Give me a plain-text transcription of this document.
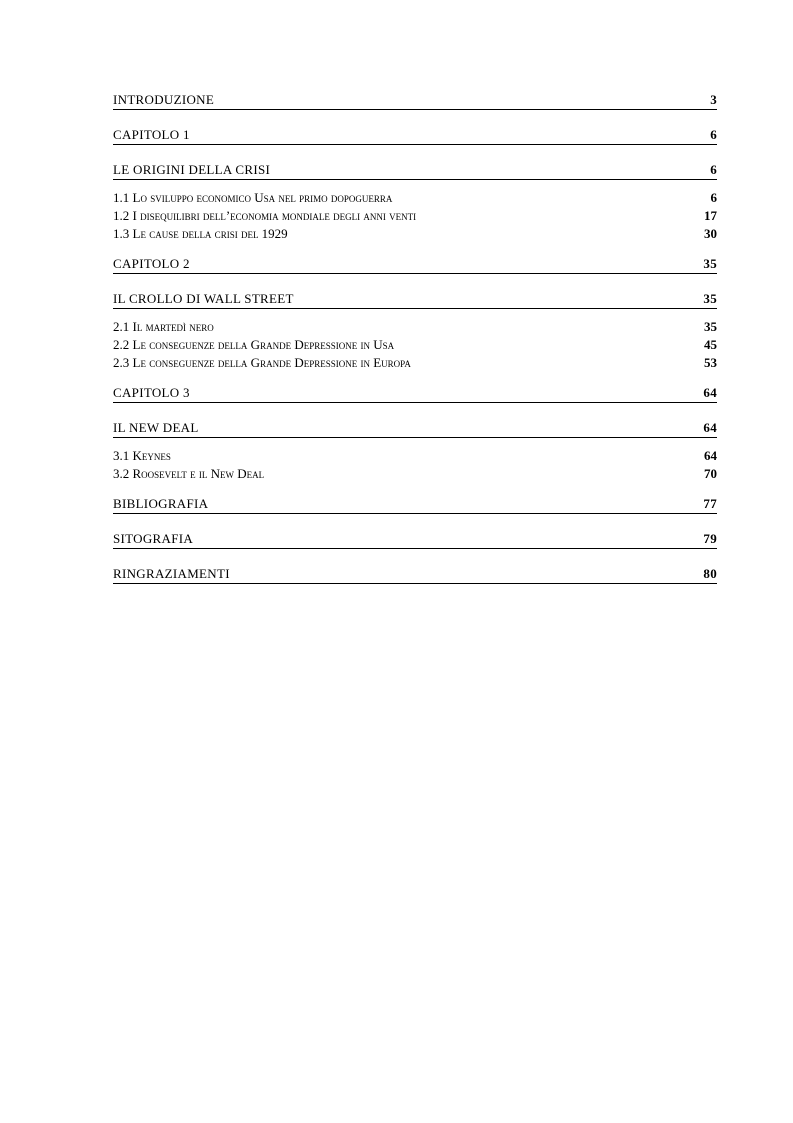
INTRODUZIONE	3
CAPITOLO 1	6
LE ORIGINI DELLA CRISI	6
1.1 Lo sviluppo economico Usa nel primo dopoguerra	6
1.2 I disequilibri dell’economia mondiale degli anni venti	17
1.3 Le cause della crisi del 1929	30
CAPITOLO 2	35
IL CROLLO DI WALL STREET	35
2.1 Il martedì nero	35
2.2 Le conseguenze della Grande Depressione in Usa	45
2.3 Le conseguenze della Grande Depressione in Europa	53
CAPITOLO 3	64
IL NEW DEAL	64
3.1 Keynes	64
3.2 Roosevelt e il New Deal	70
BIBLIOGRAFIA	77
SITOGRAFIA	79
RINGRAZIAMENTI	80
